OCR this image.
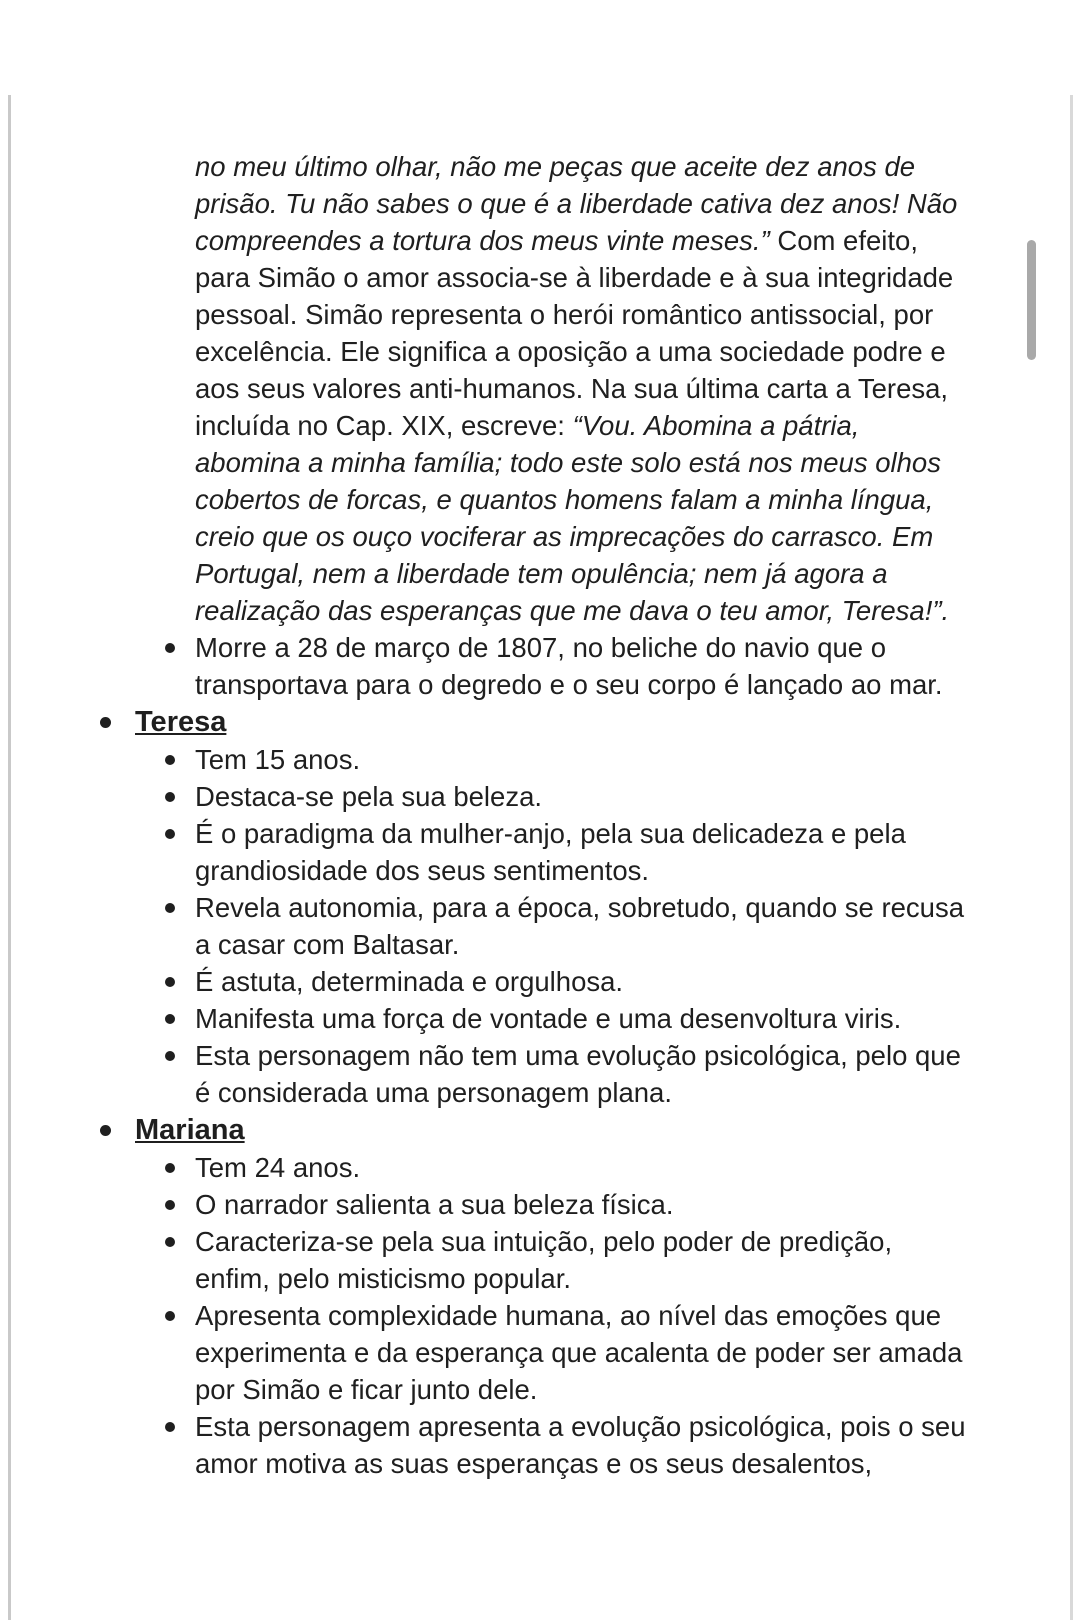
no meu último olhar, não me peças que aceite dez anos de prisão. Tu não sabes o que é a liberdade cativa dez anos! Não compreendes a tortura dos meus vinte meses.” Com efeito, para Simão o amor associa-se à liberdade e à sua integridade pessoal. Simão representa o herói romântico antissocial, por excelência. Ele significa a oposição a uma sociedade podre e aos seus valores anti-humanos. Na sua última carta a Teresa, incluída no Cap. XIX, escreve: “Vou. Abomina a pátria, abomina a minha família; todo este solo está nos meus olhos cobertos de forcas, e quantos homens falam a minha língua, creio que os ouço vociferar as imprecações do carrasco. Em Portugal, nem a liberdade tem opulência; nem já agora a realização das esperanças que me dava o teu amor, Teresa!”.

Morre a 28 de março de 1807, no beliche do navio que o transportava para o degredo e o seu corpo é lançado ao mar.
Teresa
Tem 15 anos.
Destaca-se pela sua beleza.
É o paradigma da mulher-anjo, pela sua delicadeza e pela grandiosidade dos seus sentimentos.
Revela autonomia, para a época, sobretudo, quando se recusa a casar com Baltasar.
É astuta, determinada e orgulhosa.
Manifesta uma força de vontade e uma desenvoltura viris.
Esta personagem não tem uma evolução psicológica, pelo que é considerada uma personagem plana.
Mariana
Tem 24 anos.
O narrador salienta a sua beleza física.
Caracteriza-se pela sua intuição, pelo poder de predição, enfim, pelo misticismo popular.
Apresenta complexidade humana, ao nível das emoções que experimenta e da esperança que acalenta de poder ser amada por Simão e ficar junto dele.
Esta personagem apresenta a evolução psicológica, pois o seu amor motiva as suas esperanças e os seus desalentos,
